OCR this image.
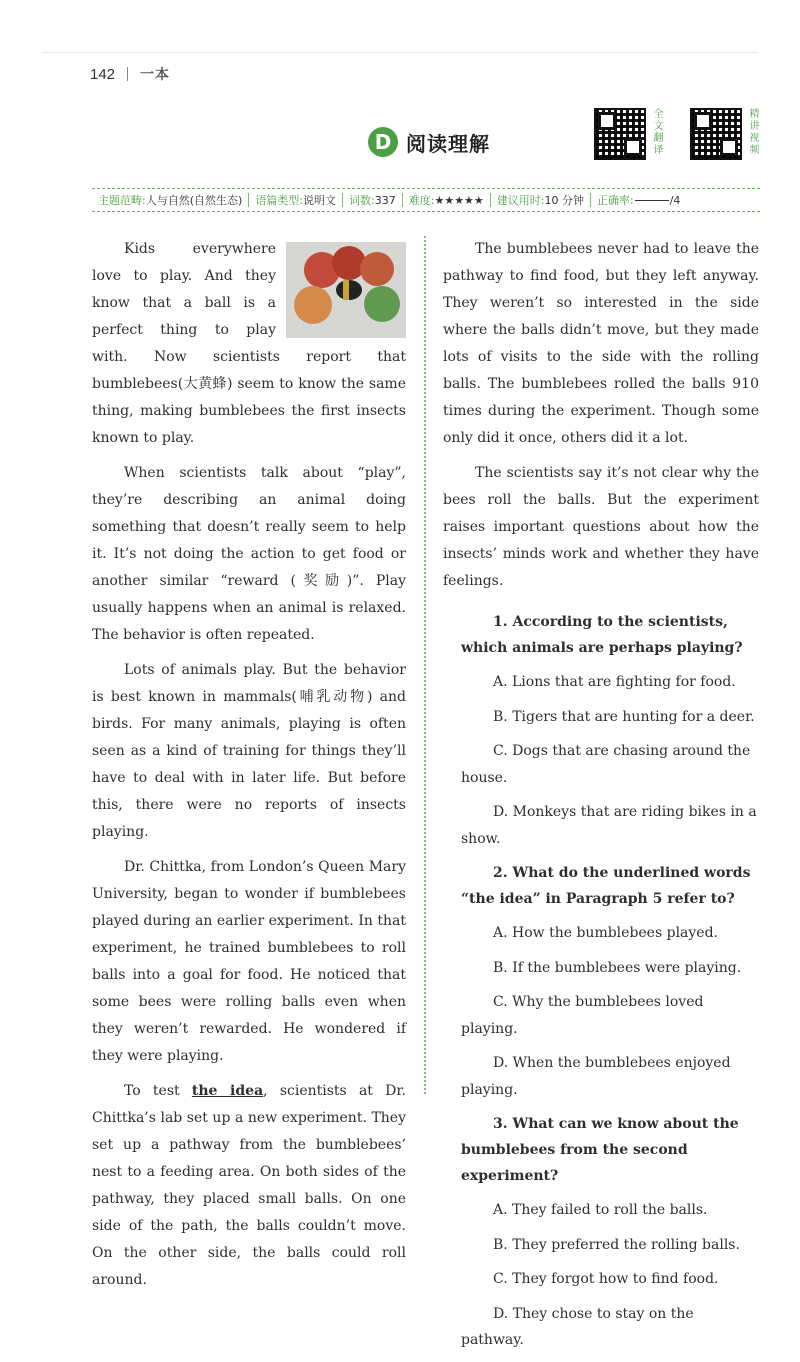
142 一本
D 阅读理解	全文翻译	精讲视频
主题范畴: 人与自然(自然生态) 语篇类型: 说明文 词数: 337 难度: ★★★★★ 建议用时: 10 分钟 正确率:	/4

Kids everywhere love to play. And they know that a ball is a perfect thing to play with. Now scientists report that bumblebees(大黄蜂) seem to know the same thing, making bumblebees the first insects known to play.

When scientists talk about “play”, they’re describing an animal doing something that doesn’t really seem to help it. It’s not doing the action to get food or another similar “reward (奖励)”. Play usually happens when an animal is relaxed. The behavior is often repeated.

Lots of animals play. But the behavior is best known in mammals(哺乳动物) and birds. For many animals, playing is often seen as a kind of training for things they’ll have to deal with in later life. But before this, there were no reports of insects playing.

Dr. Chittka, from London’s Queen Mary University, began to wonder if bumblebees played during an earlier experiment. In that experiment, he trained bumblebees to roll balls into a goal for food. He noticed that some bees were rolling balls even when they weren’t rewarded. He wondered if they were playing.

To test the idea, scientists at Dr. Chittka’s lab set up a new experiment. They set up a pathway from the bumblebees’ nest to a feeding area. On both sides of the pathway, they placed small balls. On one side of the path, the balls couldn’t move. On the other side, the balls could roll around.

The bumblebees never had to leave the pathway to find food, but they left anyway. They weren’t so interested in the side where the balls didn’t move, but they made lots of visits to the side with the rolling balls. The bumblebees rolled the balls 910 times during the experiment. Though some only did it once, others did it a lot.

The scientists say it’s not clear why the bees roll the balls. But the experiment raises important questions about how the insects’ minds work and whether they have feelings.

1. According to the scientists, which animals are perhaps playing?

A. Lions that are fighting for food.

B. Tigers that are hunting for a deer.

C. Dogs that are chasing around the house.

D. Monkeys that are riding bikes in a show.

2. What do the underlined words “the idea” in Paragraph 5 refer to?

A. How the bumblebees played.

B. If the bumblebees were playing.

C. Why the bumblebees loved playing.

D. When the bumblebees enjoyed playing.

3. What can we know about the bumblebees from the second experiment?

A. They failed to roll the balls.

B. They preferred the rolling balls.

C. They forgot how to find food.

D. They chose to stay on the pathway.
